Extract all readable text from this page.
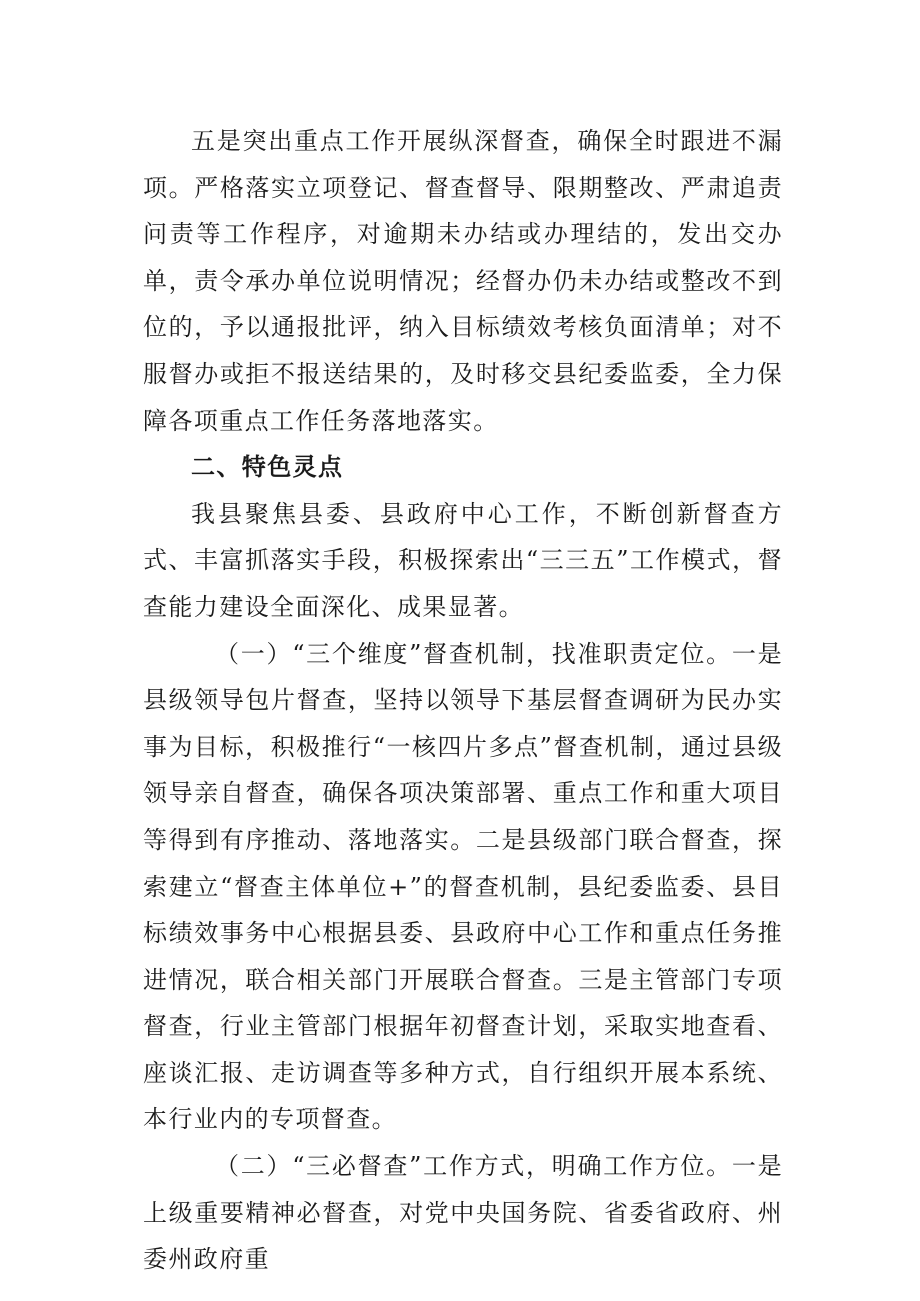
五是突出重点工作开展纵深督查，确保全时跟进不漏项。严格落实立项登记、督查督导、限期整改、严肃追责问责等工作程序，对逾期未办结或办理结的，发出交办单，责令承办单位说明情况；经督办仍未办结或整改不到位的，予以通报批评，纳入目标绩效考核负面清单；对不服督办或拒不报送结果的，及时移交县纪委监委，全力保障各项重点工作任务落地落实。

二、特色灵点

我县聚焦县委、县政府中心工作，不断创新督查方式、丰富抓落实手段，积极探索出“三三五”工作模式，督查能力建设全面深化、成果显著。

（一）“三个维度”督查机制，找准职责定位。一是县级领导包片督查，坚持以领导下基层督查调研为民办实事为目标，积极推行“一核四片多点”督查机制，通过县级领导亲自督查，确保各项决策部署、重点工作和重大项目等得到有序推动、落地落实。二是县级部门联合督查，探索建立“督查主体单位+”的督查机制，县纪委监委、县目标绩效事务中心根据县委、县政府中心工作和重点任务推进情况，联合相关部门开展联合督查。三是主管部门专项督查，行业主管部门根据年初督查计划，采取实地查看、座谈汇报、走访调查等多种方式，自行组织开展本系统、本行业内的专项督查。

（二）“三必督查”工作方式，明确工作方位。一是上级重要精神必督查，对党中央国务院、省委省政府、州委州政府重
